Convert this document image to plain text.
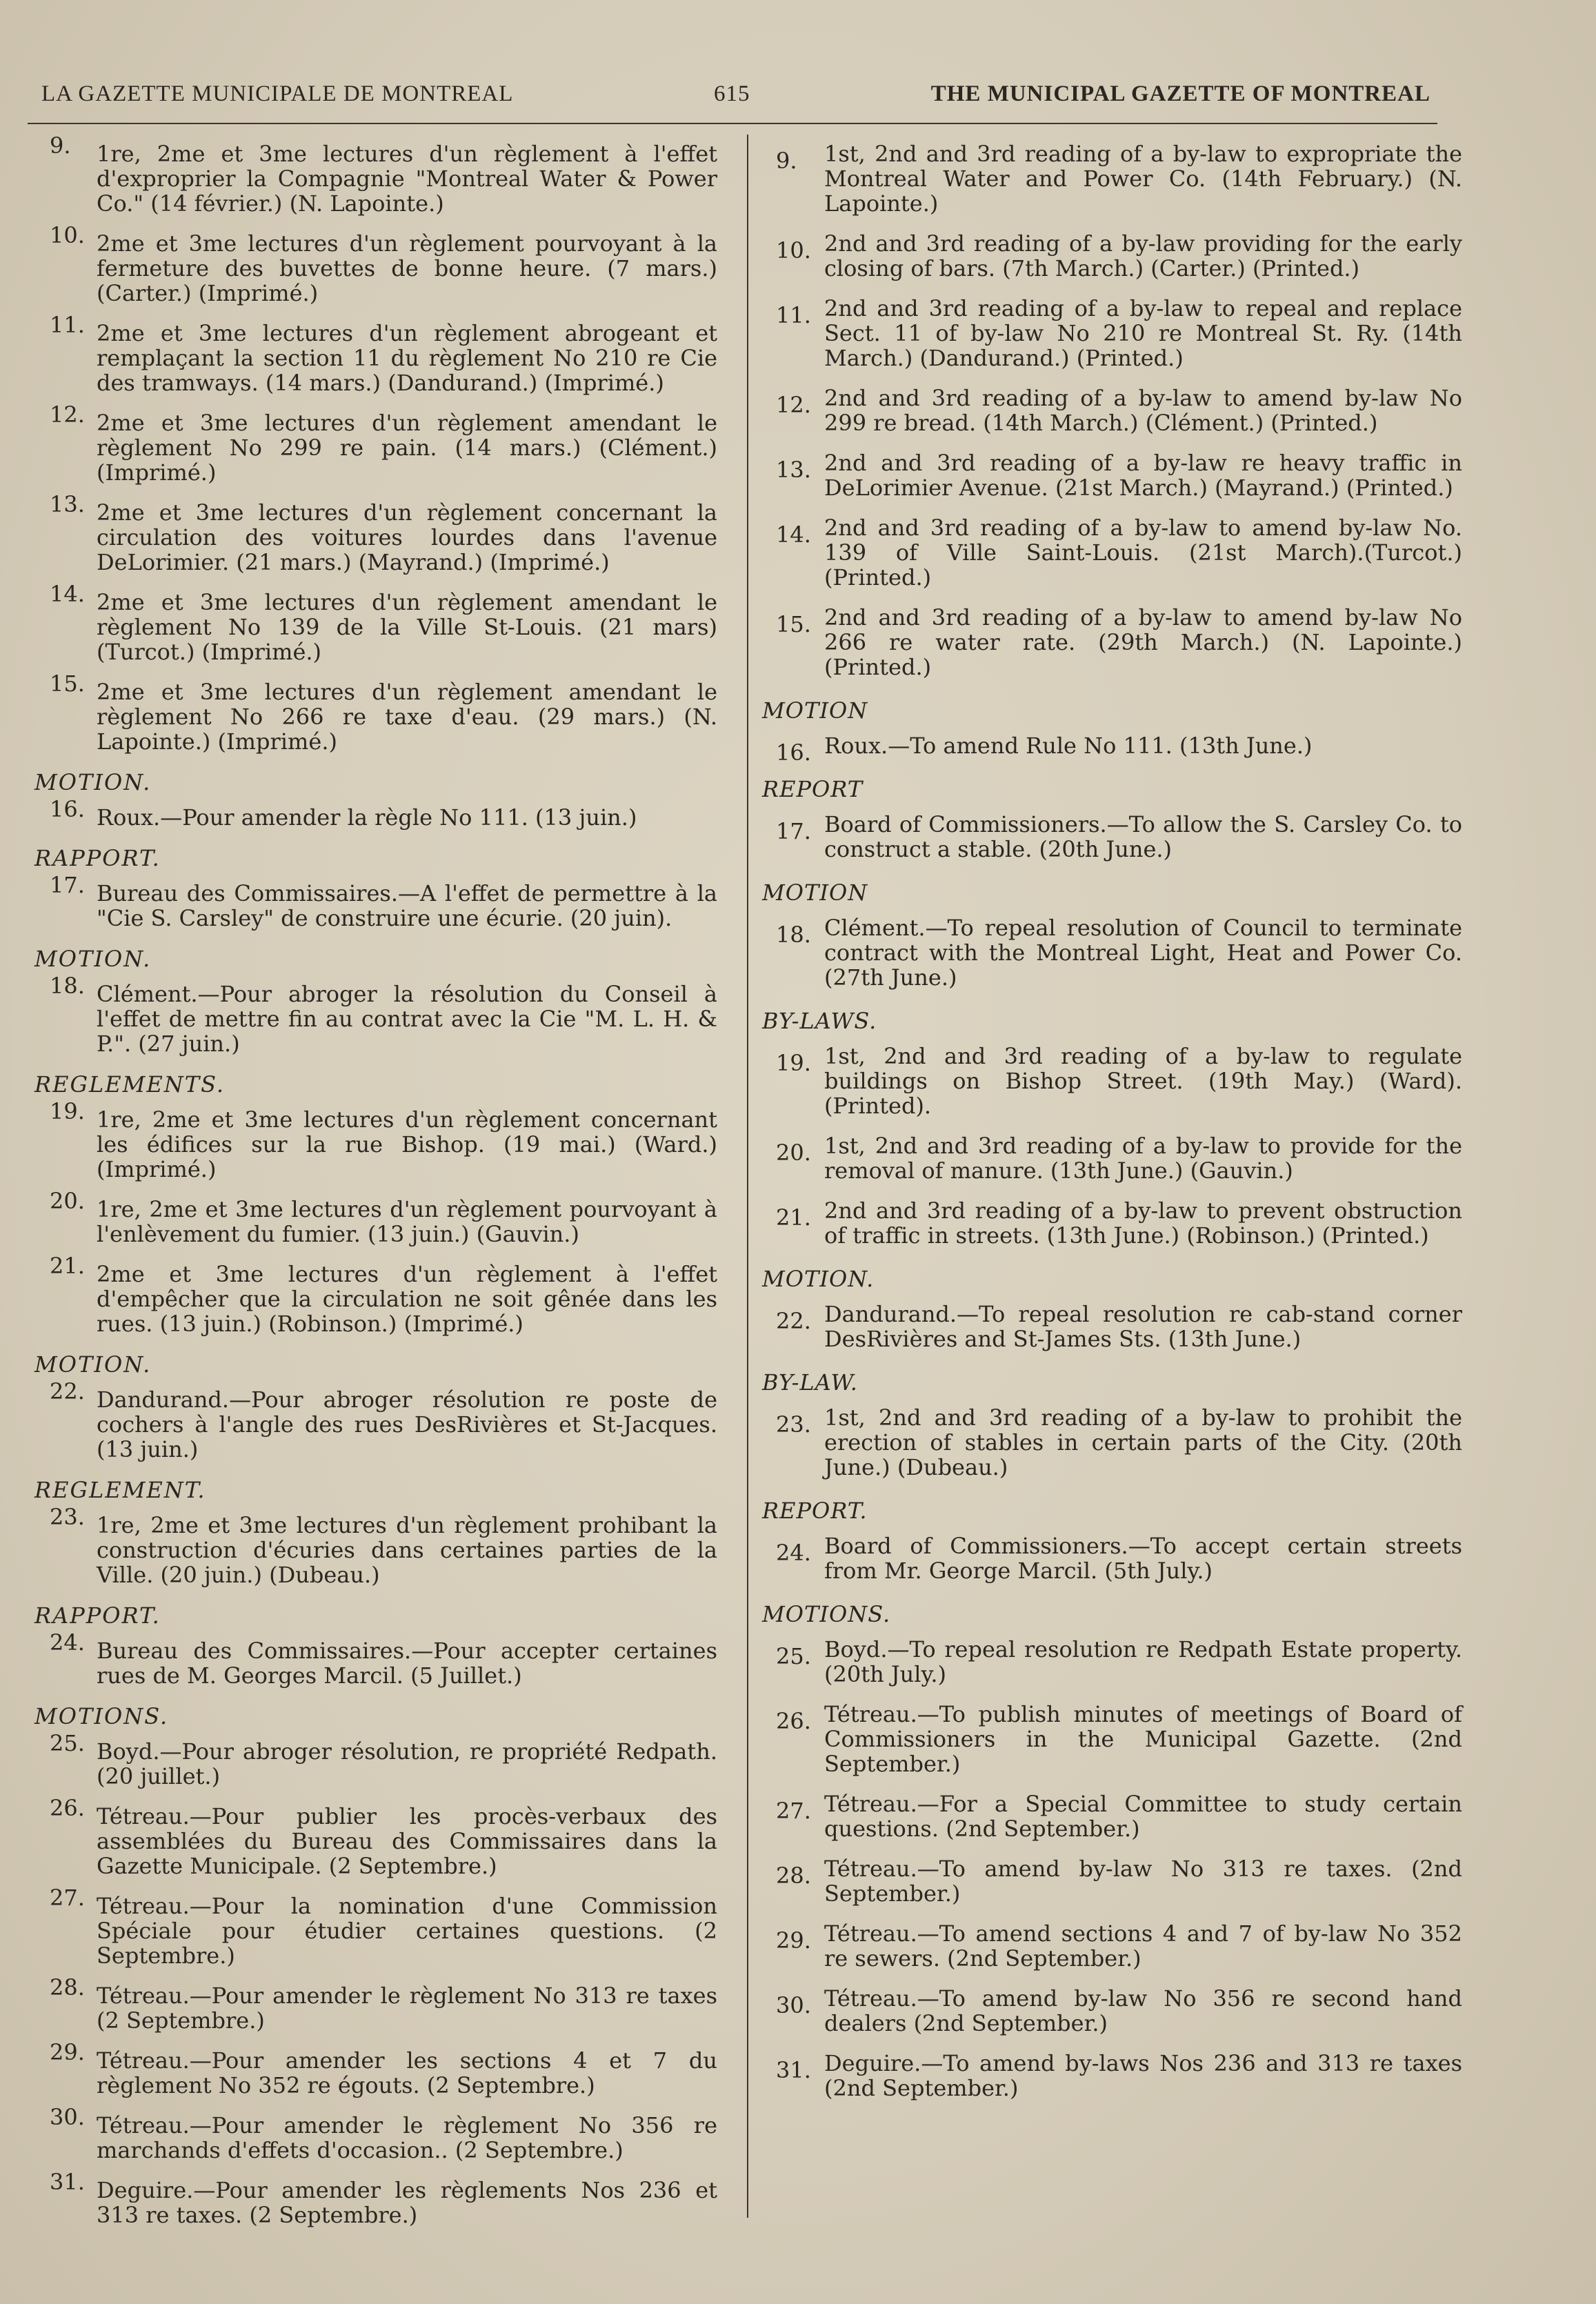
LA GAZETTE MUNICIPALE DE MONTREAL	615	THE MUNICIPAL GAZETTE OF MONTREAL
9.	1re, 2me et 3me lectures d'un règlement à l'effet d'exproprier la Compagnie "Montreal Water & Power Co." (14 février.) (N. Lapointe.)
10. 2me et 3me lectures d'un règlement pourvoyant à la fermeture des buvettes de bonne heure. (7 mars.) (Carter.) (Imprimé.)
11. 2me et 3me lectures d'un règlement abrogeant et remplaçant la section 11 du règlement No 210 re Cie des tramways. (14 mars.) (Dandurand.) (Imprimé.)
12. 2me et 3me lectures d'un règlement amendant le règlement No 299 re pain. (14 mars.) (Clément.) (Imprimé.)
13. 2me et 3me lectures d'un règlement concernant la circulation des voitures lourdes dans l'avenue DeLorimier. (21 mars.) (Mayrand.) (Imprimé.)
14. 2me et 3me lectures d'un règlement amendant le règlement No 139 de la Ville St-Louis. (21 mars) (Turcot.) (Imprimé.)
15. 2me et 3me lectures d'un règlement amendant le règlement No 266 re taxe d'eau. (29 mars.) (N. Lapointe.) (Imprimé.)
MOTION.
16. Roux.—Pour amender la règle No 111. (13 juin.)
RAPPORT.
17. Bureau des Commissaires.—A l'effet de permettre à la "Cie S. Carsley" de construire une écurie. (20 juin).
MOTION.
18. Clément.—Pour abroger la résolution du Conseil à l'effet de mettre fin au contrat avec la Cie "M. L. H. & P.". (27 juin.)
REGLEMENTS.
19. 1re, 2me et 3me lectures d'un règlement concernant les édifices sur la rue Bishop. (19 mai.) (Ward.) (Imprimé.)
20. 1re, 2me et 3me lectures d'un règlement pourvoyant à l'enlèvement du fumier. (13 juin.) (Gauvin.)
21. 2me et 3me lectures d'un règlement à l'effet d'empêcher que la circulation ne soit gênée dans les rues. (13 juin.) (Robinson.) (Imprimé.)
MOTION.
22. Dandurand.—Pour abroger résolution re poste de cochers à l'angle des rues DesRivières et St-Jacques. (13 juin.)
REGLEMENT.
23. 1re, 2me et 3me lectures d'un règlement prohibant la construction d'écuries dans certaines parties de la Ville. (20 juin.) (Dubeau.)
RAPPORT.
24. Bureau des Commissaires.—Pour accepter certaines rues de M. Georges Marcil. (5 Juillet.)
MOTIONS.
25. Boyd.—Pour abroger résolution, re propriété Redpath. (20 juillet.)
26. Tétreau.—Pour publier les procès-verbaux des assemblées du Bureau des Commissaires dans la Gazette Municipale. (2 Septembre.)
27. Tétreau.—Pour la nomination d'une Commission Spéciale pour étudier certaines questions. (2 Septembre.)
28. Tétreau.—Pour amender le règlement No 313 re taxes (2 Septembre.)
29. Tétreau.—Pour amender les sections 4 et 7 du règlement No 352 re égouts. (2 Septembre.)
30. Tétreau.—Pour amender le règlement No 356 re marchands d'effets d'occasion.. (2 Septembre.)
31. Deguire.—Pour amender les règlements Nos 236 et 313 re taxes. (2 Septembre.)
9.	1st, 2nd and 3rd reading of a by-law to expropriate the Montreal Water and Power Co. (14th February.) (N. Lapointe.)
10. 2nd and 3rd reading of a by-law providing for the early closing of bars. (7th March.) (Carter.) (Printed.)
11. 2nd and 3rd reading of a by-law to repeal and replace Sect. 11 of by-law No 210 re Montreal St. Ry. (14th March.) (Dandurand.) (Printed.)
12. 2nd and 3rd reading of a by-law to amend by-law No 299 re bread. (14th March.) (Clément.) (Printed.)
13. 2nd and 3rd reading of a by-law re heavy traffic in DeLorimier Avenue. (21st March.) (Mayrand.) (Printed.)
14. 2nd and 3rd reading of a by-law to amend by-law No. 139 of Ville Saint-Louis. (21st March).(Turcot.) (Printed.)
15. 2nd and 3rd reading of a by-law to amend by-law No 266 re water rate. (29th March.) (N. Lapointe.) (Printed.)
MOTION
16. Roux.—To amend Rule No 111. (13th June.)
REPORT
17. Board of Commissioners.—To allow the S. Carsley Co. to construct a stable. (20th June.)
MOTION
18. Clément.—To repeal resolution of Council to terminate contract with the Montreal Light, Heat and Power Co. (27th June.)
BY-LAWS.
19. 1st, 2nd and 3rd reading of a by-law to regulate buildings on Bishop Street. (19th May.) (Ward). (Printed).
20. 1st, 2nd and 3rd reading of a by-law to provide for the removal of manure. (13th June.) (Gauvin.)
21. 2nd and 3rd reading of a by-law to prevent obstruction of traffic in streets. (13th June.) (Robinson.) (Printed.)
MOTION.
22. Dandurand.—To repeal resolution re cab-stand corner DesRivières and St-James Sts. (13th June.)
BY-LAW.
23. 1st, 2nd and 3rd reading of a by-law to prohibit the erection of stables in certain parts of the City. (20th June.) (Dubeau.)
REPORT.
24. Board of Commissioners.—To accept certain streets from Mr. George Marcil. (5th July.)
MOTIONS.
25. Boyd.—To repeal resolution re Redpath Estate property. (20th July.)
26. Tétreau.—To publish minutes of meetings of Board of Commissioners in the Municipal Gazette. (2nd September.)
27. Tétreau.—For a Special Committee to study certain questions. (2nd September.)
28. Tétreau.—To amend by-law No 313 re taxes. (2nd September.)
29. Tétreau.—To amend sections 4 and 7 of by-law No 352 re sewers. (2nd September.)
30. Tétreau.—To amend by-law No 356 re second hand dealers (2nd September.)
31. Deguire.—To amend by-laws Nos 236 and 313 re taxes (2nd September.)
